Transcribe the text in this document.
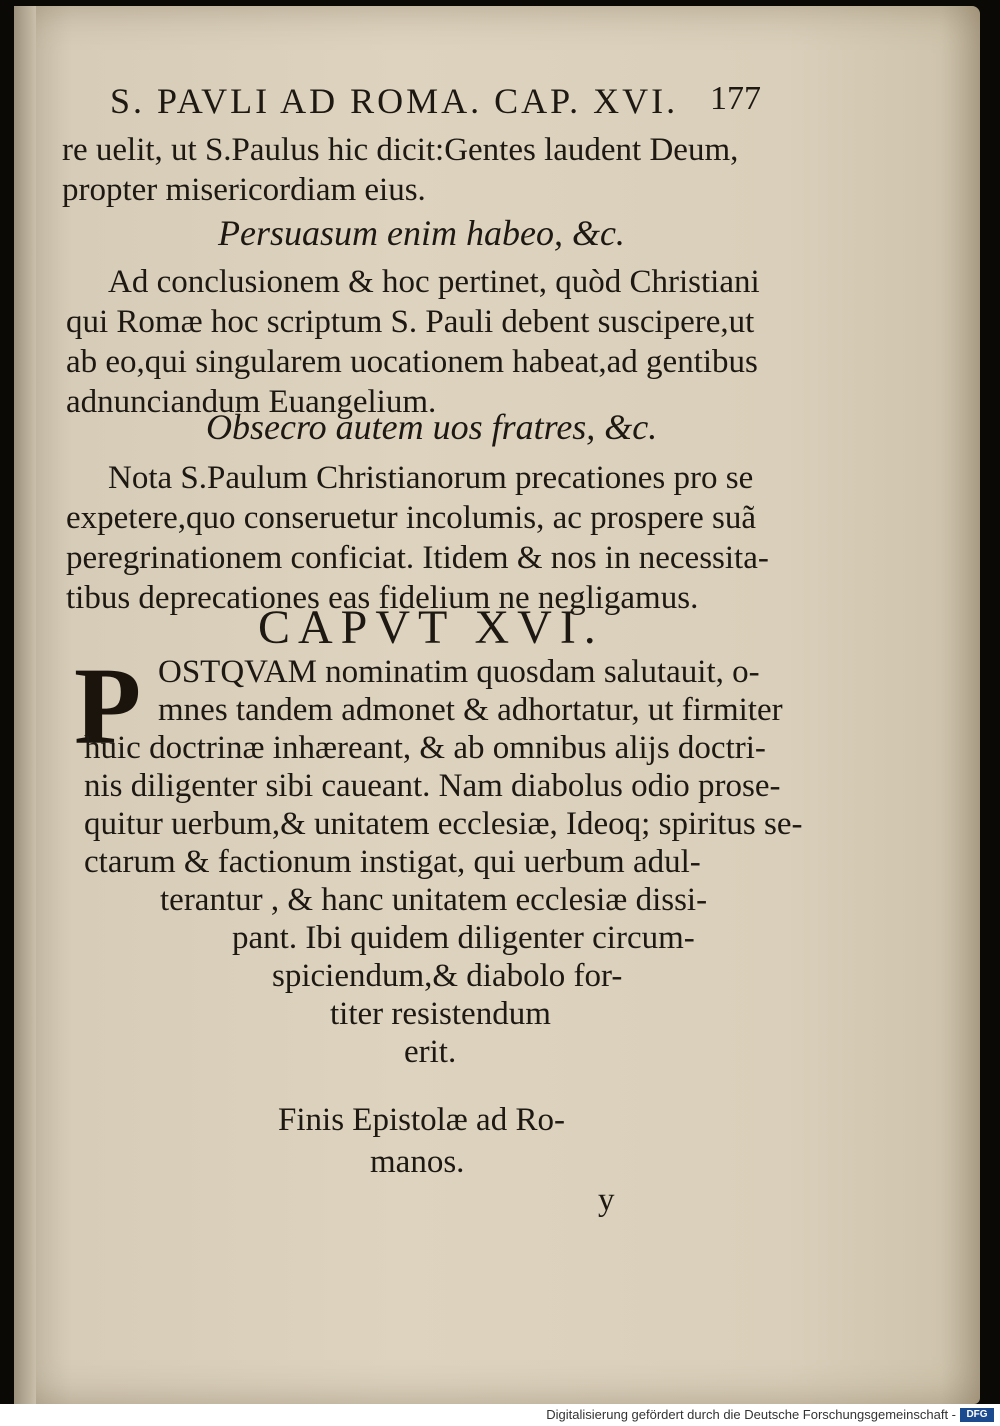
S. PAVLI AD ROMA. CAP. XVI. 177
re uelit, ut S.Paulus hic dicit:Gentes laudent Deum,
propter misericordiam eius.
Persuasum enim habeo, &c.
Ad conclusionem & hoc pertinet, quòd Christiani
qui Romæ hoc scriptum S. Pauli debent suscipere,ut
ab eo,qui singularem uocationem habeat,ad gentibus
adnunciandum Euangelium.
Obsecro autem uos fratres, &c.
Nota S.Paulum Christianorum precationes pro se
expetere,quo conseruetur incolumis, ac prospere suã
peregrinationem conficiat. Itidem & nos in necessita-
tibus deprecationes eas fidelium ne negligamus.
CAPVT XVI.
P OSTQVAM nominatim quosdam salutauit, o-
mnes tandem admonet & adhortatur, ut firmiter
huic doctrinæ inhæreant, & ab omnibus alijs doctri-
nis diligenter sibi caueant. Nam diabolus odio prose-
quitur uerbum,& unitatem ecclesiæ, Ideoq; spiritus se-
ctarum & factionum instigat, qui uerbum adul-
terantur , & hanc unitatem ecclesiæ dissi-
pant. Ibi quidem diligenter circum-
spiciendum,& diabolo for-
titer resistendum
erit.
Finis Epistolæ ad Ro-
manos.
y
Digitalisierung gefördert durch die Deutsche Forschungsgemeinschaft -	DFG
